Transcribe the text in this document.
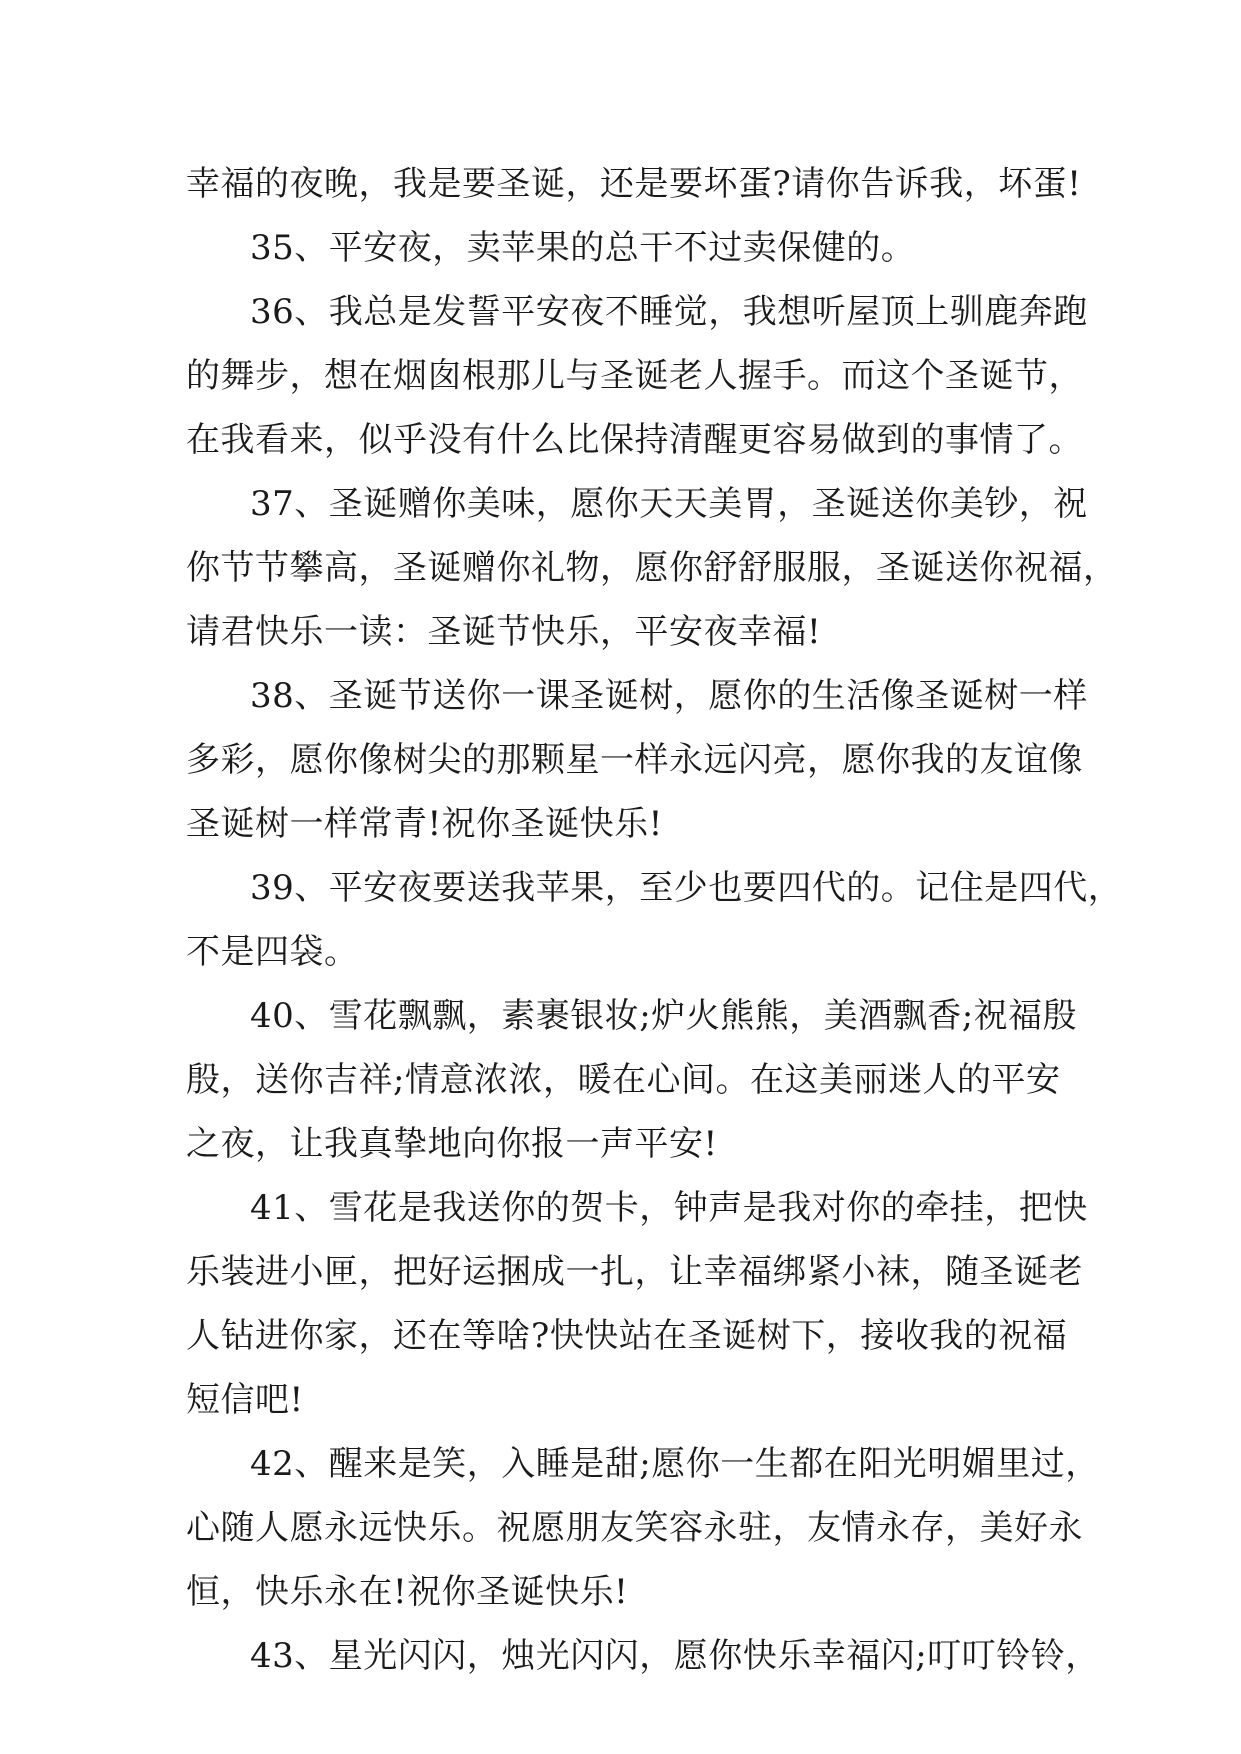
幸福的夜晚，我是要圣诞，还是要坏蛋?请你告诉我，坏蛋!
35、平安夜，卖苹果的总干不过卖保健的。
36、我总是发誓平安夜不睡觉，我想听屋顶上驯鹿奔跑
的舞步，想在烟囱根那儿与圣诞老人握手。而这个圣诞节，
在我看来，似乎没有什么比保持清醒更容易做到的事情了。
37、圣诞赠你美味，愿你天天美胃，圣诞送你美钞，祝
你节节攀高，圣诞赠你礼物，愿你舒舒服服，圣诞送你祝福，
请君快乐一读：圣诞节快乐，平安夜幸福!
38、圣诞节送你一课圣诞树，愿你的生活像圣诞树一样
多彩，愿你像树尖的那颗星一样永远闪亮，愿你我的友谊像
圣诞树一样常青!祝你圣诞快乐!
39、平安夜要送我苹果，至少也要四代的。记住是四代，
不是四袋。
40、雪花飘飘，素裹银妆;炉火熊熊，美酒飘香;祝福殷
殷，送你吉祥;情意浓浓，暖在心间。在这美丽迷人的平安
之夜，让我真挚地向你报一声平安!
41、雪花是我送你的贺卡，钟声是我对你的牵挂，把快
乐装进小匣，把好运捆成一扎，让幸福绑紧小袜，随圣诞老
人钻进你家，还在等啥?快快站在圣诞树下，接收我的祝福
短信吧!
42、醒来是笑，入睡是甜;愿你一生都在阳光明媚里过，
心随人愿永远快乐。祝愿朋友笑容永驻，友情永存，美好永
恒，快乐永在!祝你圣诞快乐!
43、星光闪闪，烛光闪闪，愿你快乐幸福闪;叮叮铃铃，
